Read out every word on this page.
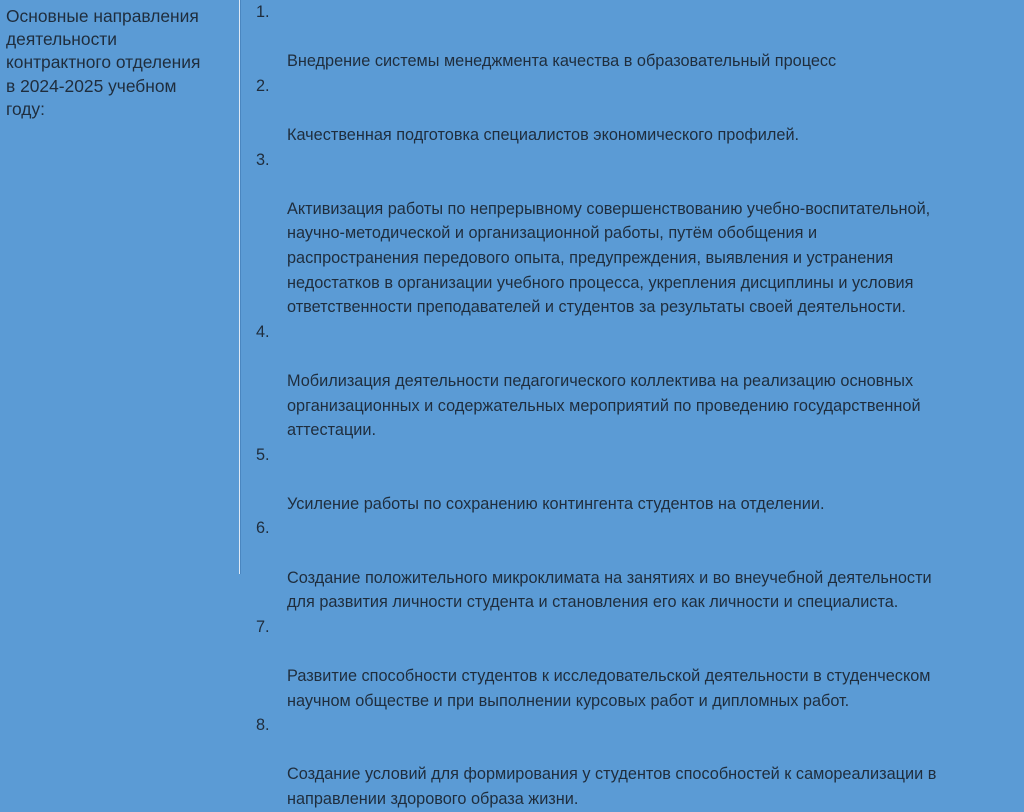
Основные направления
деятельности
контрактного отделения
в 2024-2025 учебном
году:

1.

Внедрение системы менеджмента качества в образовательный процесс

2.

Качественная подготовка специалистов экономического профилей.

3.

Активизация работы по непрерывному совершенствованию учебно-воспитательной,
научно-методической и организационной работы, путём обобщения и
распространения передового опыта, предупреждения, выявления и устранения
недостатков в организации учебного процесса, укрепления дисциплины и условия
ответственности преподавателей и студентов за результаты своей деятельности.

4.

Мобилизация деятельности педагогического коллектива на реализацию основных
организационных и содержательных мероприятий по проведению государственной
аттестации.

5.

Усиление работы по сохранению контингента студентов на отделении.

6.

Создание положительного микроклимата на занятиях и во внеучебной деятельности
для развития личности студента и становления его как личности и специалиста.

7.

Развитие способности студентов к исследовательской деятельности в студенческом
научном обществе и при выполнении курсовых работ и дипломных работ.

8.

Создание условий для формирования у студентов способностей к самореализации в
направлении здорового образа жизни.
